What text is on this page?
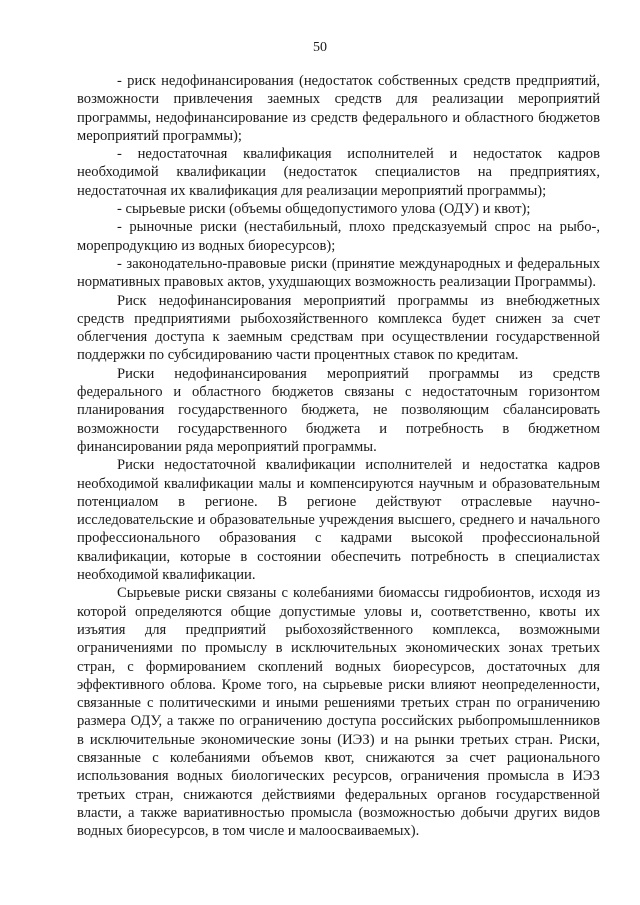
50

- риск недофинансирования (недостаток собственных средств предприятий, возможности привлечения заемных средств для реализации мероприятий программы, недофинансирование из средств федерального и областного бюджетов мероприятий программы);

- недостаточная квалификация исполнителей и недостаток кадров необходимой квалификации (недостаток специалистов на предприятиях, недостаточная их квалификация для реализации мероприятий программы);

- сырьевые риски (объемы общедопустимого улова (ОДУ) и квот);

- рыночные риски (нестабильный, плохо предсказуемый спрос на рыбо-, морепродукцию из водных биоресурсов);

- законодательно-правовые риски (принятие международных и федеральных нормативных правовых актов, ухудшающих возможность реализации Программы).

Риск недофинансирования мероприятий программы из внебюджетных средств предприятиями рыбохозяйственного комплекса будет снижен за счет облегчения доступа к заемным средствам при осуществлении государственной поддержки по субсидированию части процентных ставок по кредитам.

Риски недофинансирования мероприятий программы из средств федерального и областного бюджетов связаны с недостаточным горизонтом планирования государственного бюджета, не позволяющим сбалансировать возможности государственного бюджета и потребность в бюджетном финансировании ряда мероприятий программы.

Риски недостаточной квалификации исполнителей и недостатка кадров необходимой квалификации малы и компенсируются научным и образовательным потенциалом в регионе. В регионе действуют отраслевые научно-исследовательские и образовательные учреждения высшего, среднего и начального профессионального образования с кадрами высокой профессиональной квалификации, которые в состоянии обеспечить потребность в специалистах необходимой квалификации.

Сырьевые риски связаны с колебаниями биомассы гидробионтов, исходя из которой определяются общие допустимые уловы и, соответственно, квоты их изъятия для предприятий рыбохозяйственного комплекса, возможными ограничениями по промыслу в исключительных экономических зонах третьих стран, с формированием скоплений водных биоресурсов, достаточных для эффективного облова. Кроме того, на сырьевые риски влияют неопределенности, связанные с политическими и иными решениями третьих стран по ограничению размера ОДУ, а также по ограничению доступа российских рыбопромышленников в исключительные экономические зоны (ИЭЗ) и на рынки третьих стран. Риски, связанные с колебаниями объемов квот, снижаются за счет рационального использования водных биологических ресурсов, ограничения промысла в ИЭЗ третьих стран, снижаются действиями федеральных органов государственной власти, а также вариативностью промысла (возможностью добычи других видов водных биоресурсов, в том числе и малоосваиваемых).
